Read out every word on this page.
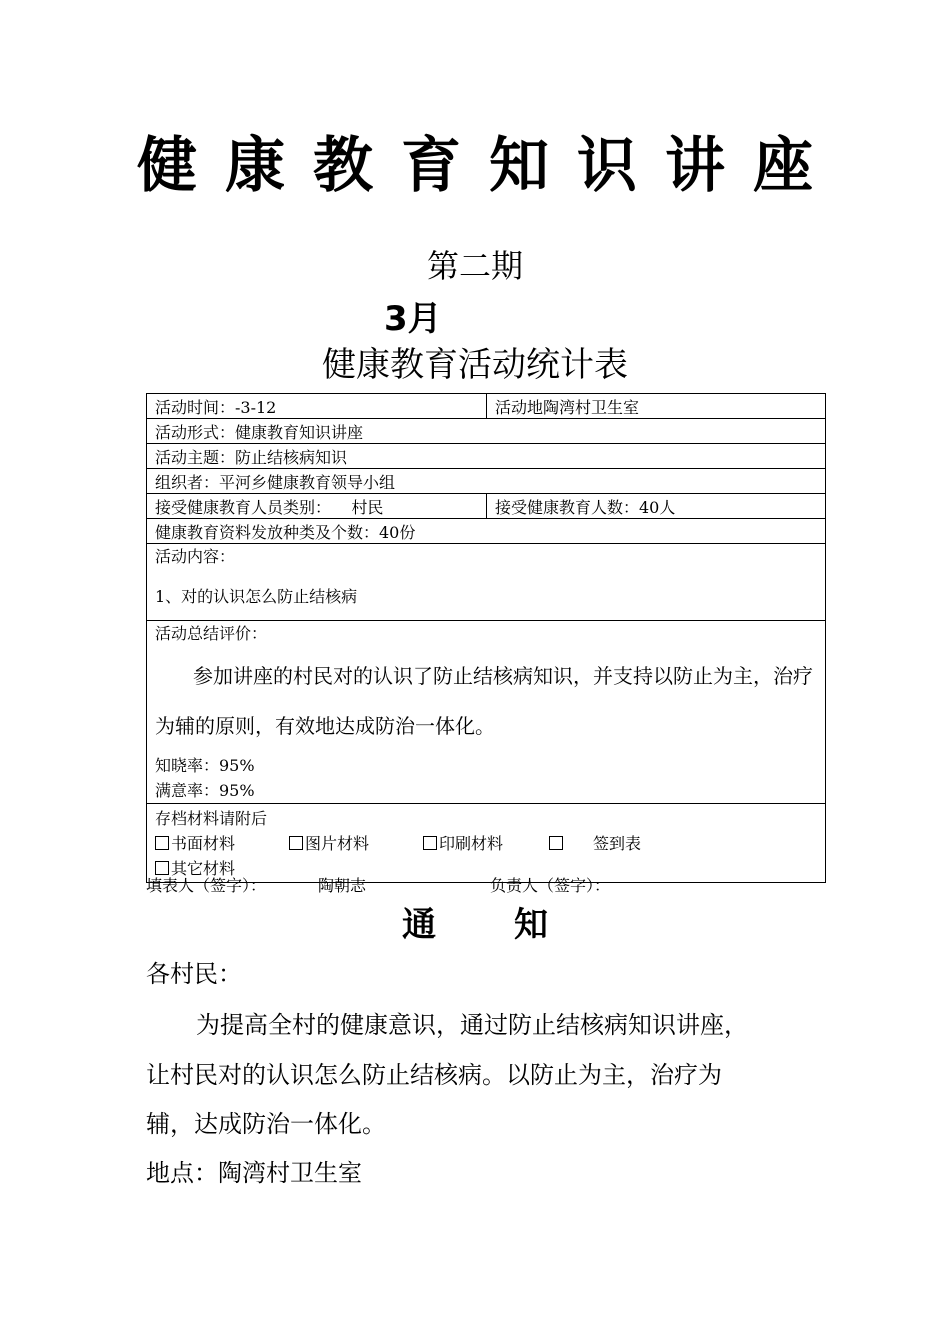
健康教育知识讲座
第二期
3月
健康教育活动统计表
活动时间：-3-12	活动地陶湾村卫生室
活动形式：健康教育知识讲座	
活动主题：防止结核病知识	
组织者：平河乡健康教育领导小组	
接受健康教育人员类别：    村民	接受健康教育人数：40人
健康教育资料发放种类及个数：40份	

活动内容：
1、对的认识怎么防止结核病	

活动总结评价：
参加讲座的村民对的认识了防止结核病知识，并支持以防止为主，治疗为辅的原则，有效地达成防治一体化。
知晓率：95%
满意率：95%	

存档材料请附后
书面材料 图片材料 印刷材料 签到表
其它材料	
填表人（签字）：	陶朝志	负责人（签字）：
通 知
各村民：
为提高全村的健康意识，通过防止结核病知识讲座，
让村民对的认识怎么防止结核病。以防止为主，治疗为
辅，达成防治一体化。
地点：陶湾村卫生室
